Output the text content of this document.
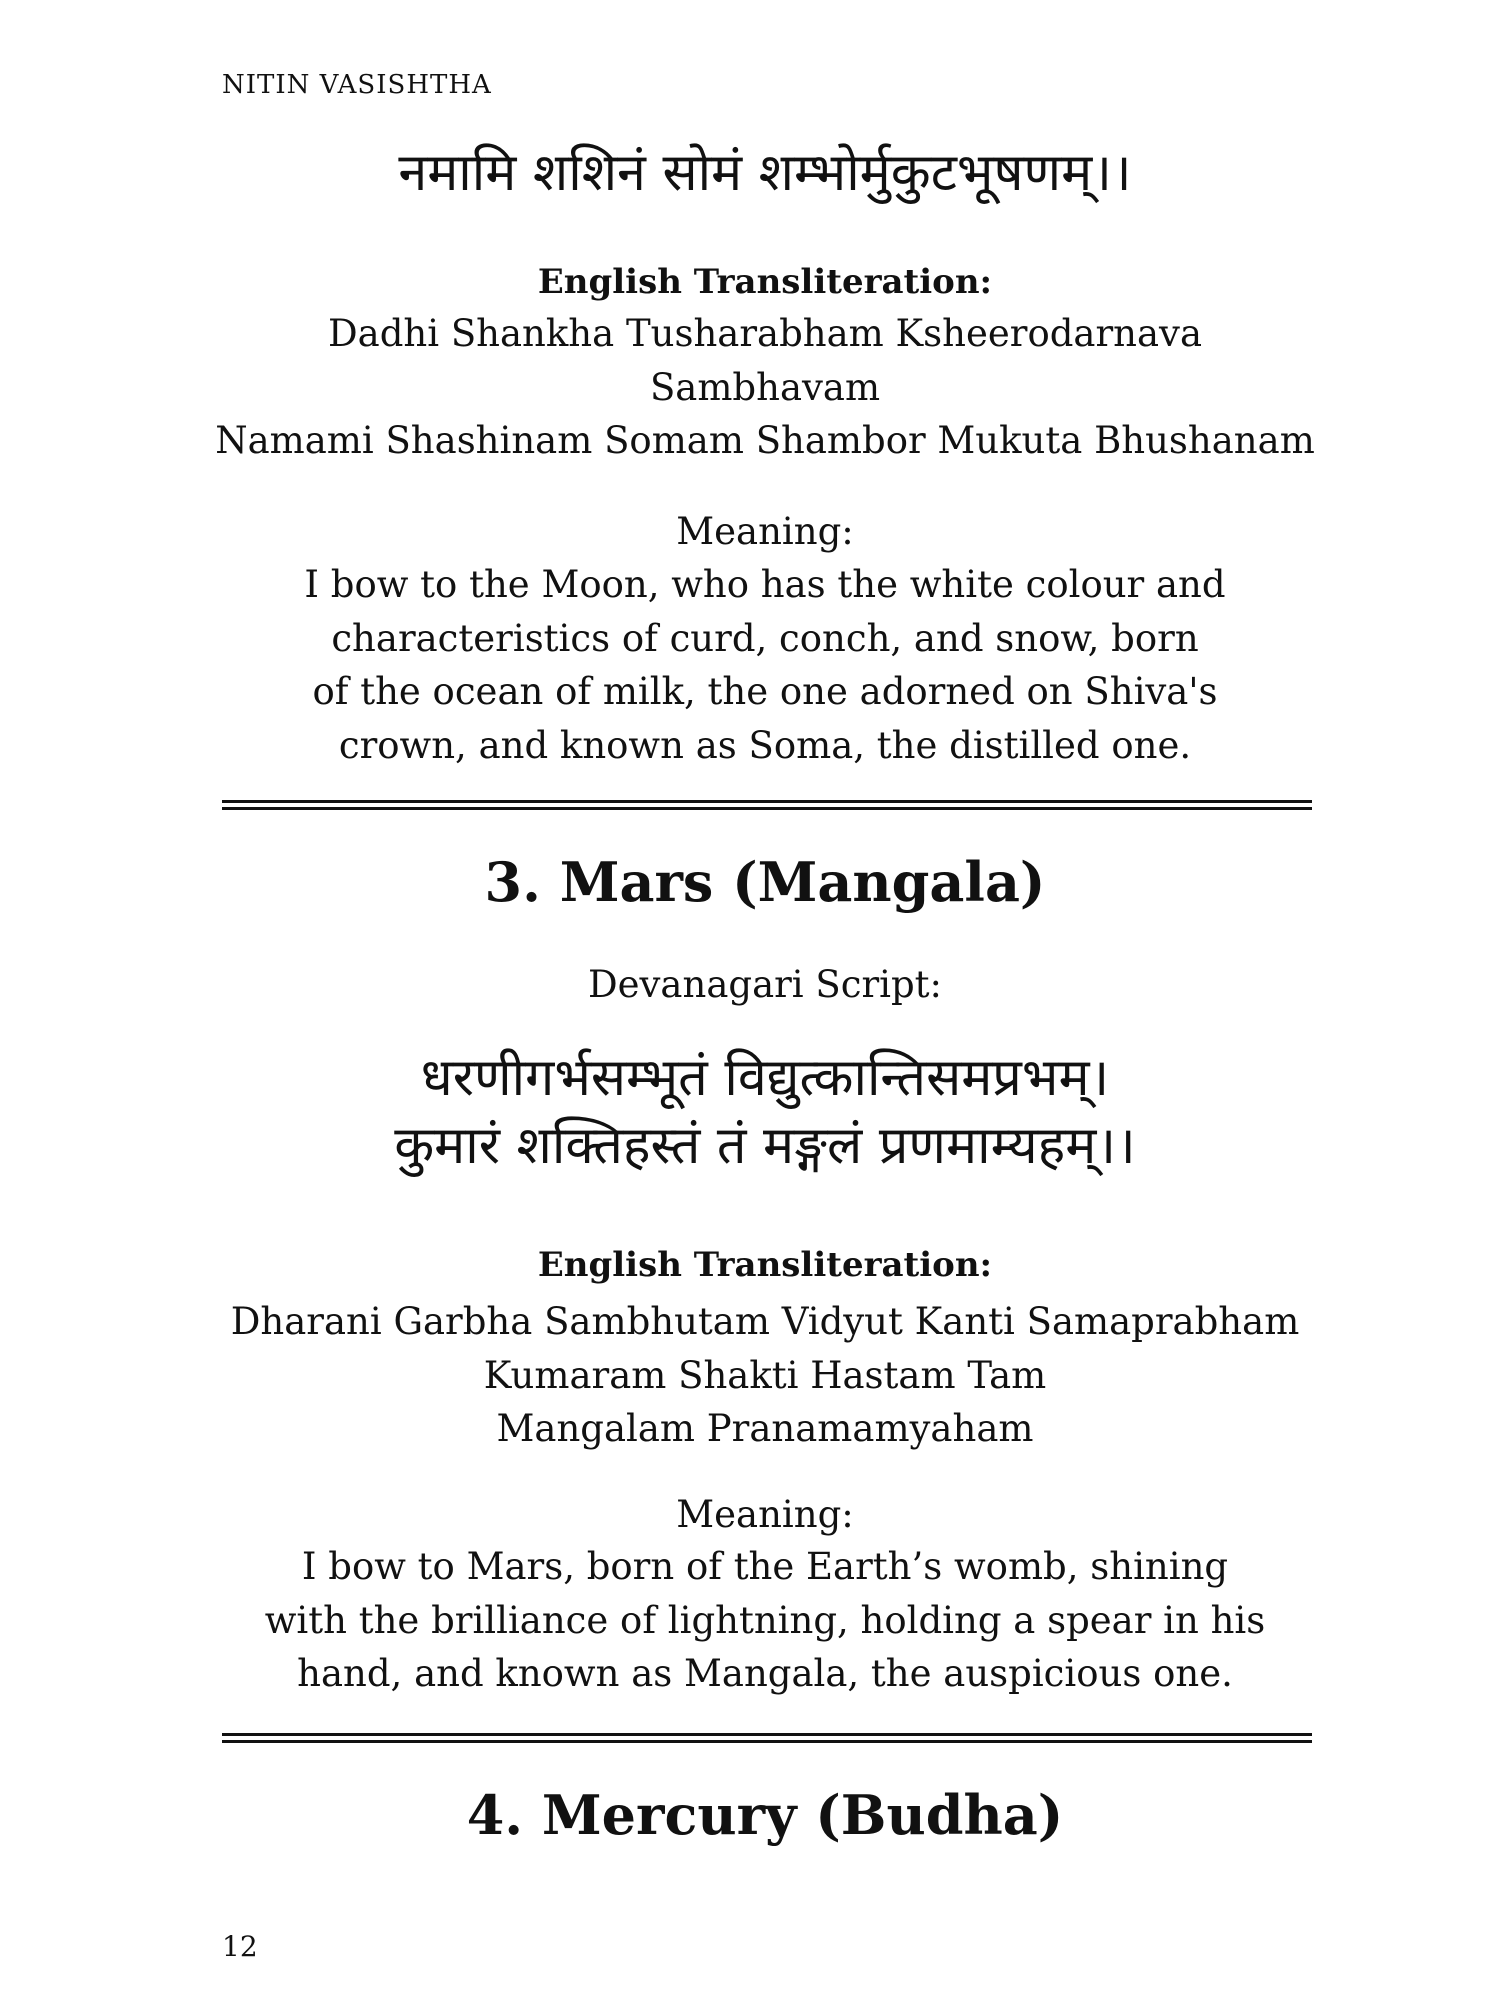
NITIN VASISHTHA
नमामि शशिनं सोमं शम्भोर्मुकुटभूषणम्।।
English Transliteration:
Dadhi Shankha Tusharabham Ksheerodarnava
Sambhavam
Namami Shashinam Somam Shambor Mukuta Bhushanam
Meaning:
I bow to the Moon, who has the white colour and
characteristics of curd, conch, and snow, born
of the ocean of milk, the one adorned on Shiva's
crown, and known as Soma, the distilled one.
3. Mars (Mangala)
Devanagari Script:
धरणीगर्भसम्भूतं विद्युत्कान्तिसमप्रभम्।
कुमारं शक्तिहस्तं तं मङ्गलं प्रणमाम्यहम्।।
English Transliteration:
Dharani Garbha Sambhutam Vidyut Kanti Samaprabham
Kumaram Shakti Hastam Tam
Mangalam Pranamamyaham
Meaning:
I bow to Mars, born of the Earth’s womb, shining
with the brilliance of lightning, holding a spear in his
hand, and known as Mangala, the auspicious one.
4. Mercury (Budha)
12
